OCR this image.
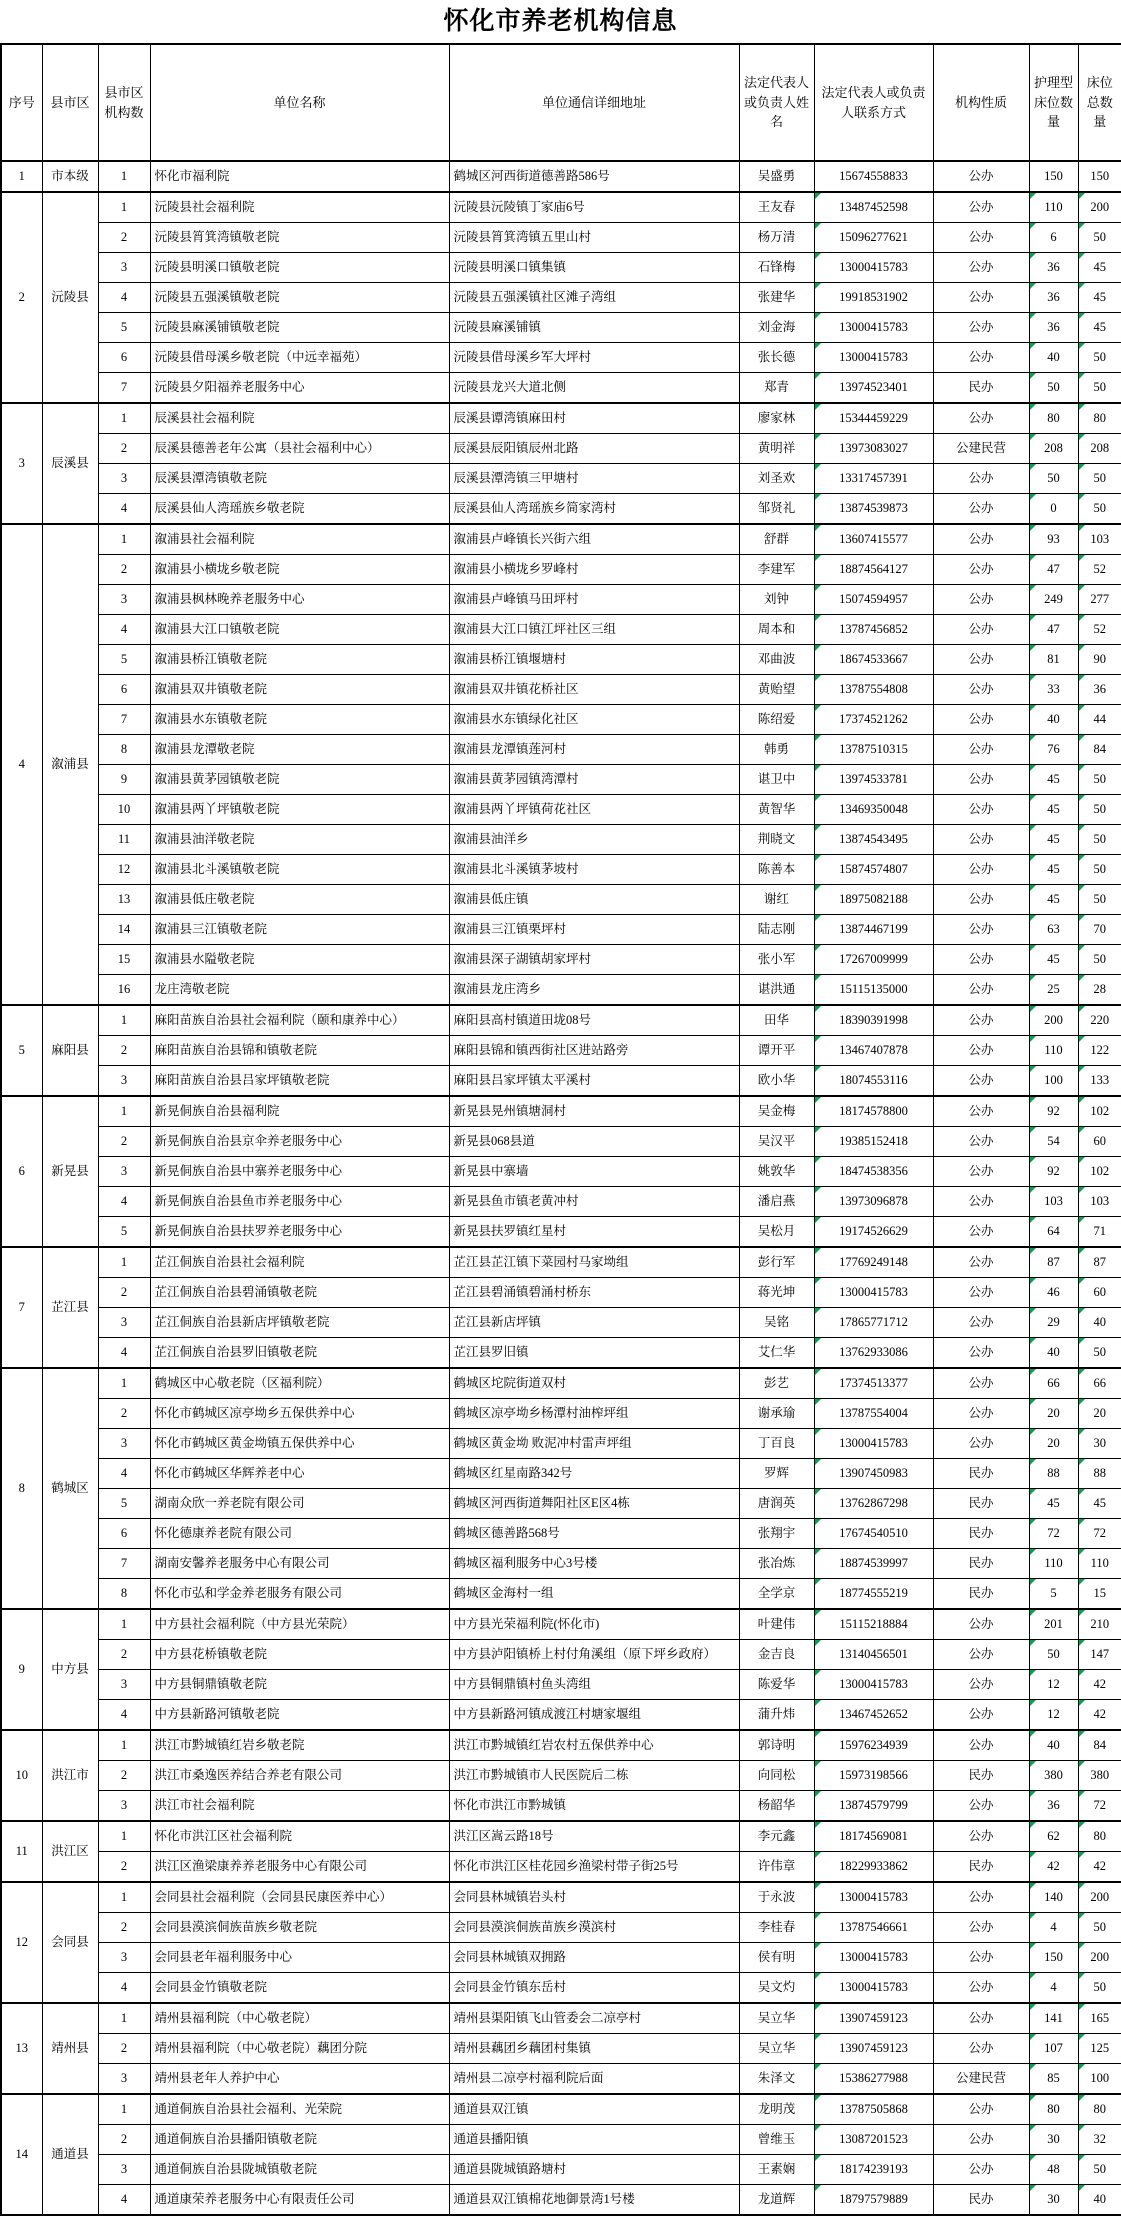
怀化市养老机构信息
序号	县市区	县市区机构数	单位名称	单位通信详细地址	法定代表人或负责人姓名	法定代表人或负责人联系方式	机构性质	护理型床位数量	床位总数量
1	市本级	1	怀化市福利院	鹤城区河西街道德善路586号	吴盛勇	15674558833	公办	150	150
2	沅陵县	1	沅陵县社会福利院	沅陵县沅陵镇丁家庙6号	王友春	13487452598	公办	110	200
		2	沅陵县筲箕湾镇敬老院	沅陵县筲箕湾镇五里山村	杨万清	15096277621	公办	6	50
		3	沅陵县明溪口镇敬老院	沅陵县明溪口镇集镇	石锋梅	13000415783	公办	36	45
		4	沅陵县五强溪镇敬老院	沅陵县五强溪镇社区滩子湾组	张建华	19918531902	公办	36	45
		5	沅陵县麻溪铺镇敬老院	沅陵县麻溪铺镇	刘金海	13000415783	公办	36	45
		6	沅陵县借母溪乡敬老院（中远幸福苑）	沅陵县借母溪乡军大坪村	张长德	13000415783	公办	40	50
		7	沅陵县夕阳福养老服务中心	沅陵县龙兴大道北侧	郑青	13974523401	民办	50	50
3	辰溪县	1	辰溪县社会福利院	辰溪县谭湾镇麻田村	廖家林	15344459229	公办	80	80
		2	辰溪县德善老年公寓（县社会福利中心）	辰溪县辰阳镇辰州北路	黄明祥	13973083027	公建民营	208	208
		3	辰溪县潭湾镇敬老院	辰溪县潭湾镇三甲塘村	刘圣欢	13317457391	公办	50	50
		4	辰溪县仙人湾瑶族乡敬老院	辰溪县仙人湾瑶族乡简家湾村	邹贤礼	13874539873	公办	0	50
4	溆浦县	1	溆浦县社会福利院	溆浦县卢峰镇长兴街六组	舒群	13607415577	公办	93	103
		2	溆浦县小横垅乡敬老院	溆浦县小横垅乡罗峰村	李建军	18874564127	公办	47	52
		3	溆浦县枫林晚养老服务中心	溆浦县卢峰镇马田坪村	刘钟	15074594957	公办	249	277
		4	溆浦县大江口镇敬老院	溆浦县大江口镇江坪社区三组	周本和	13787456852	公办	47	52
		5	溆浦县桥江镇敬老院	溆浦县桥江镇堰塘村	邓曲波	18674533667	公办	81	90
		6	溆浦县双井镇敬老院	溆浦县双井镇花桥社区	黄贻望	13787554808	公办	33	36
		7	溆浦县水东镇敬老院	溆浦县水东镇绿化社区	陈绍爱	17374521262	公办	40	44
		8	溆浦县龙潭敬老院	溆浦县龙潭镇莲河村	韩勇	13787510315	公办	76	84
		9	溆浦县黄茅园镇敬老院	溆浦县黄茅园镇湾潭村	谌卫中	13974533781	公办	45	50
		10	溆浦县两丫坪镇敬老院	溆浦县两丫坪镇荷花社区	黄智华	13469350048	公办	45	50
		11	溆浦县油洋敬老院	溆浦县油洋乡	荆晓文	13874543495	公办	45	50
		12	溆浦县北斗溪镇敬老院	溆浦县北斗溪镇茅坡村	陈善本	15874574807	公办	45	50
		13	溆浦县低庄敬老院	溆浦县低庄镇	谢红	18975082188	公办	45	50
		14	溆浦县三江镇敬老院	溆浦县三江镇栗坪村	陆志刚	13874467199	公办	63	70
		15	溆浦县水隘敬老院	溆浦县深子湖镇胡家坪村	张小军	17267009999	公办	45	50
		16	龙庄湾敬老院	溆浦县龙庄湾乡	谌洪通	15115135000	公办	25	28
5	麻阳县	1	麻阳苗族自治县社会福利院（颐和康养中心）	麻阳县高村镇道田垅08号	田华	18390391998	公办	200	220
		2	麻阳苗族自治县锦和镇敬老院	麻阳县锦和镇西街社区进站路旁	谭开平	13467407878	公办	110	122
		3	麻阳苗族自治县吕家坪镇敬老院	麻阳县吕家坪镇太平溪村	欧小华	18074553116	公办	100	133
6	新晃县	1	新晃侗族自治县福利院	新晃县晃州镇塘洞村	吴金梅	18174578800	公办	92	102
		2	新晃侗族自治县京伞养老服务中心	新晃县068县道	吴汉平	19385152418	公办	54	60
		3	新晃侗族自治县中寨养老服务中心	新晃县中寨墙	姚敦华	18474538356	公办	92	102
		4	新晃侗族自治县鱼市养老服务中心	新晃县鱼市镇老黄冲村	潘启燕	13973096878	公办	103	103
		5	新晃侗族自治县扶罗养老服务中心	新晃县扶罗镇红星村	吴松月	19174526629	公办	64	71
7	芷江县	1	芷江侗族自治县社会福利院	芷江县芷江镇下菜园村马家坳组	彭行军	17769249148	公办	87	87
		2	芷江侗族自治县碧涌镇敬老院	芷江县碧涌镇碧涌村桥东	蒋光坤	13000415783	公办	46	60
		3	芷江侗族自治县新店坪镇敬老院	芷江县新店坪镇	吴铭	17865771712	公办	29	40
		4	芷江侗族自治县罗旧镇敬老院	芷江县罗旧镇	艾仁华	13762933086	公办	40	50
8	鹤城区	1	鹤城区中心敬老院（区福利院）	鹤城区坨院街道双村	彭艺	17374513377	公办	66	66
		2	怀化市鹤城区凉亭坳乡五保供养中心	鹤城区凉亭坳乡杨潭村油榨坪组	谢承瑜	13787554004	公办	20	20
		3	怀化市鹤城区黄金坳镇五保供养中心	鹤城区黄金坳 败泥冲村雷声坪组	丁百良	13000415783	公办	20	30
		4	怀化市鹤城区华辉养老中心	鹤城区红星南路342号	罗辉	13907450983	民办	88	88
		5	湖南众欣一养老院有限公司	鹤城区河西街道舞阳社区E区4栋	唐润英	13762867298	民办	45	45
		6	怀化德康养老院有限公司	鹤城区德善路568号	张翔宇	17674540510	民办	72	72
		7	湖南安馨养老服务中心有限公司	鹤城区福利服务中心3号楼	张冶炼	18874539997	民办	110	110
		8	怀化市弘和学金养老服务有限公司	鹤城区金海村一组	全学京	18774555219	民办	5	15
9	中方县	1	中方县社会福利院（中方县光荣院）	中方县光荣福利院(怀化市)	叶建伟	15115218884	公办	201	210
		2	中方县花桥镇敬老院	中方县泸阳镇桥上村付角溪组（原下坪乡政府）	金吉良	13140456501	公办	50	147
		3	中方县铜鼎镇敬老院	中方县铜鼎镇村鱼头湾组	陈爱华	13000415783	公办	12	42
		4	中方县新路河镇敬老院	中方县新路河镇成渡江村塘家堰组	蒲升炜	13467452652	公办	12	42
10	洪江市	1	洪江市黔城镇红岩乡敬老院	洪江市黔城镇红岩农村五保供养中心	郭诗明	15976234939	公办	40	84
		2	洪江市桑逸医养结合养老有限公司	洪江市黔城镇市人民医院后二栋	向同松	15973198566	民办	380	380
		3	洪江市社会福利院	怀化市洪江市黔城镇	杨韶华	13874579799	公办	36	72
11	洪江区	1	怀化市洪江区社会福利院	洪江区嵩云路18号	李元鑫	18174569081	公办	62	80
		2	洪江区渔梁康养养老服务中心有限公司	怀化市洪江区桂花园乡渔梁村带子街25号	许伟章	18229933862	民办	42	42
12	会同县	1	会同县社会福利院（会同县民康医养中心）	会同县林城镇岩头村	于永波	13000415783	公办	140	200
		2	会同县漠滨侗族苗族乡敬老院	会同县漠滨侗族苗族乡漠滨村	李桂春	13787546661	公办	4	50
		3	会同县老年福利服务中心	会同县林城镇双拥路	侯有明	13000415783	公办	150	200
		4	会同县金竹镇敬老院	会同县金竹镇东岳村	吴文灼	13000415783	公办	4	50
13	靖州县	1	靖州县福利院（中心敬老院）	靖州县渠阳镇飞山管委会二凉亭村	吴立华	13907459123	公办	141	165
		2	靖州县福利院（中心敬老院）藕团分院	靖州县藕团乡藕团村集镇	吴立华	13907459123	公办	107	125
		3	靖州县老年人养护中心	靖州县二凉亭村福利院后面	朱泽文	15386277988	公建民营	85	100
14	通道县	1	通道侗族自治县社会福利、光荣院	通道县双江镇	龙明茂	13787505868	公办	80	80
		2	通道侗族自治县播阳镇敬老院	通道县播阳镇	曾维玉	13087201523	公办	30	32
		3	通道侗族自治县陇城镇敬老院	通道县陇城镇路塘村	王素娴	18174239193	公办	48	50
		4	通道康荣养老服务中心有限责任公司	通道县双江镇棉花地御景湾1号楼	龙道辉	18797579889	民办	30	40
